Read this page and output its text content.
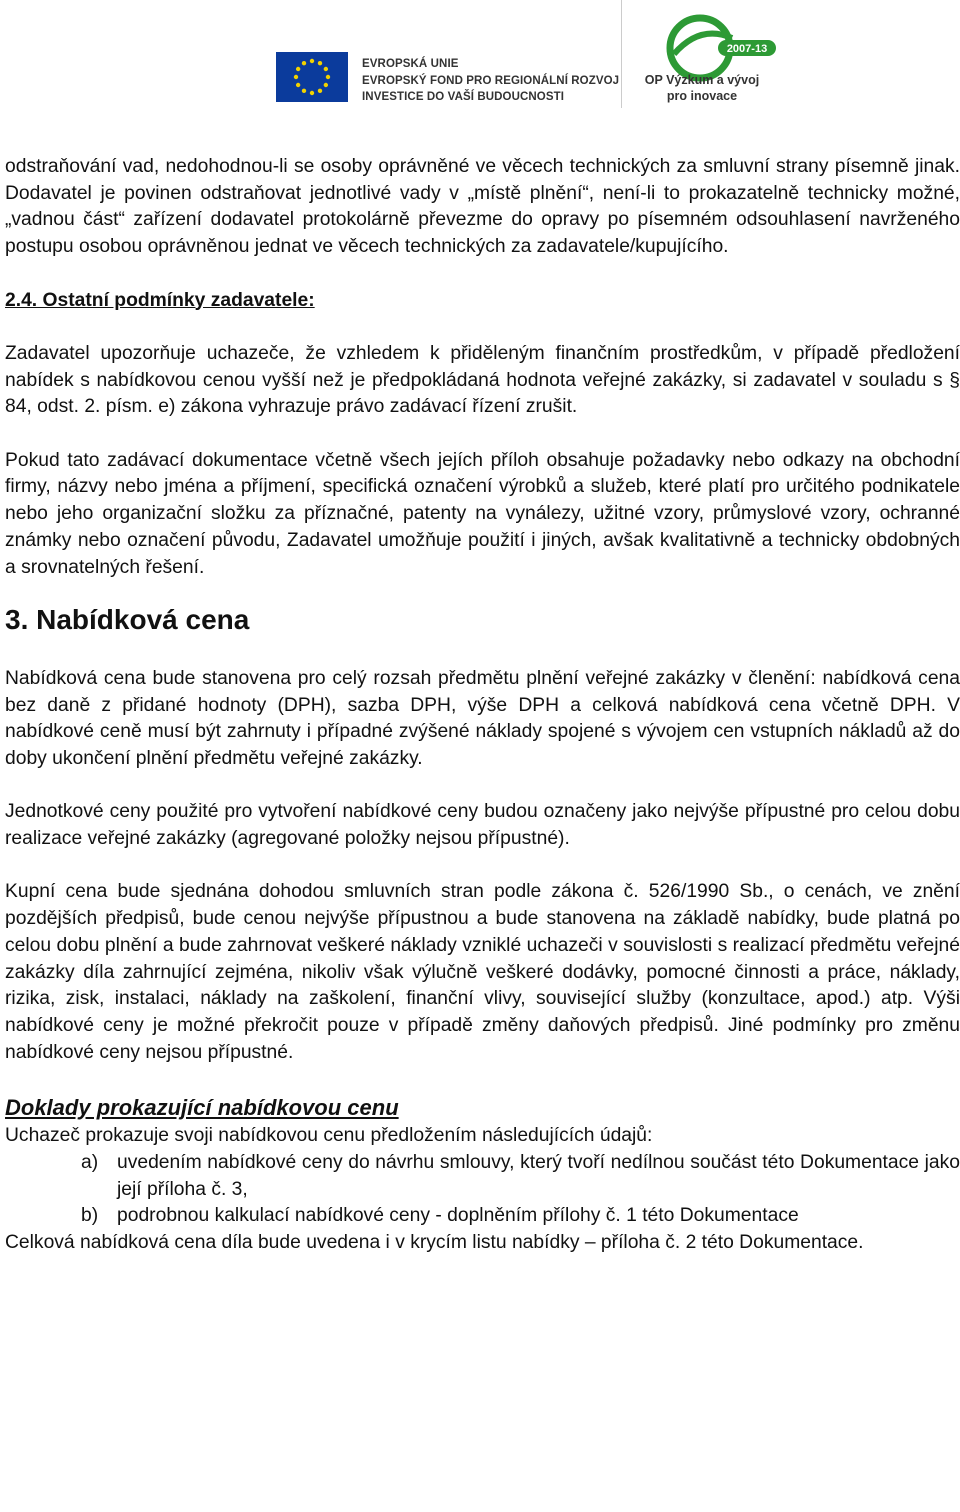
EVROPSKÁ UNIE
EVROPSKÝ FOND PRO REGIONÁLNÍ ROZVOJ
INVESTICE DO VAŠÍ BUDOUCNOSTI
2007-13
OP Výzkum a vývoj
pro inovace

odstraňování vad, nedohodnou-li se osoby oprávněné ve věcech technických za smluvní strany písemně jinak. Dodavatel je povinen odstraňovat jednotlivé vady v „místě plnění“, není-li to prokazatelně technicky možné, „vadnou část“ zařízení dodavatel protokolárně převezme do opravy po písemném odsouhlasení navrženého postupu osobou oprávněnou jednat ve věcech technických za zadavatele/kupujícího.

2.4. Ostatní podmínky zadavatele:

Zadavatel upozorňuje uchazeče, že vzhledem k přiděleným finančním prostředkům, v případě předložení nabídek s nabídkovou cenou vyšší než je předpokládaná hodnota veřejné zakázky, si zadavatel v souladu s § 84, odst. 2. písm. e) zákona vyhrazuje právo zadávací řízení zrušit.

Pokud tato zadávací dokumentace včetně všech jejích příloh obsahuje požadavky nebo odkazy na obchodní firmy, názvy nebo jména a příjmení, specifická označení výrobků a služeb, které platí pro určitého podnikatele nebo jeho organizační složku za příznačné, patenty na vynálezy, užitné vzory, průmyslové vzory, ochranné známky nebo označení původu, Zadavatel umožňuje použití i jiných, avšak kvalitativně a technicky obdobných a srovnatelných řešení.

3. Nabídková cena

Nabídková cena bude stanovena pro celý rozsah předmětu plnění veřejné zakázky v členění: nabídková cena bez daně z přidané hodnoty (DPH), sazba DPH, výše DPH a celková nabídková cena včetně DPH. V nabídkové ceně musí být zahrnuty i případné zvýšené náklady spojené s vývojem cen vstupních nákladů až do doby ukončení plnění předmětu veřejné zakázky.

Jednotkové ceny použité pro vytvoření nabídkové ceny budou označeny jako nejvýše přípustné pro celou dobu realizace veřejné zakázky (agregované položky nejsou přípustné).

Kupní cena bude sjednána dohodou smluvních stran podle zákona č. 526/1990 Sb., o cenách, ve znění pozdějších předpisů, bude cenou nejvýše přípustnou a bude stanovena na základě nabídky, bude platná po celou dobu plnění a bude zahrnovat veškeré náklady vzniklé uchazeči v souvislosti s realizací předmětu veřejné zakázky díla zahrnující zejména, nikoliv však výlučně veškeré dodávky, pomocné činnosti a práce, náklady, rizika, zisk, instalaci, náklady na zaškolení, finanční vlivy, související služby (konzultace, apod.) atp. Výši nabídkové ceny je možné překročit pouze v případě změny daňových předpisů. Jiné podmínky pro změnu nabídkové ceny nejsou přípustné.

Doklady prokazující nabídkovou cenu

Uchazeč prokazuje svoji nabídkovou cenu předložením následujících údajů:

a) uvedením nabídkové ceny do návrhu smlouvy, který tvoří nedílnou součást této Dokumentace jako její příloha č. 3,
b) podrobnou kalkulací nabídkové ceny - doplněním přílohy č. 1 této Dokumentace

Celková nabídková cena díla bude uvedena i v krycím listu nabídky – příloha č. 2 této Dokumentace.
